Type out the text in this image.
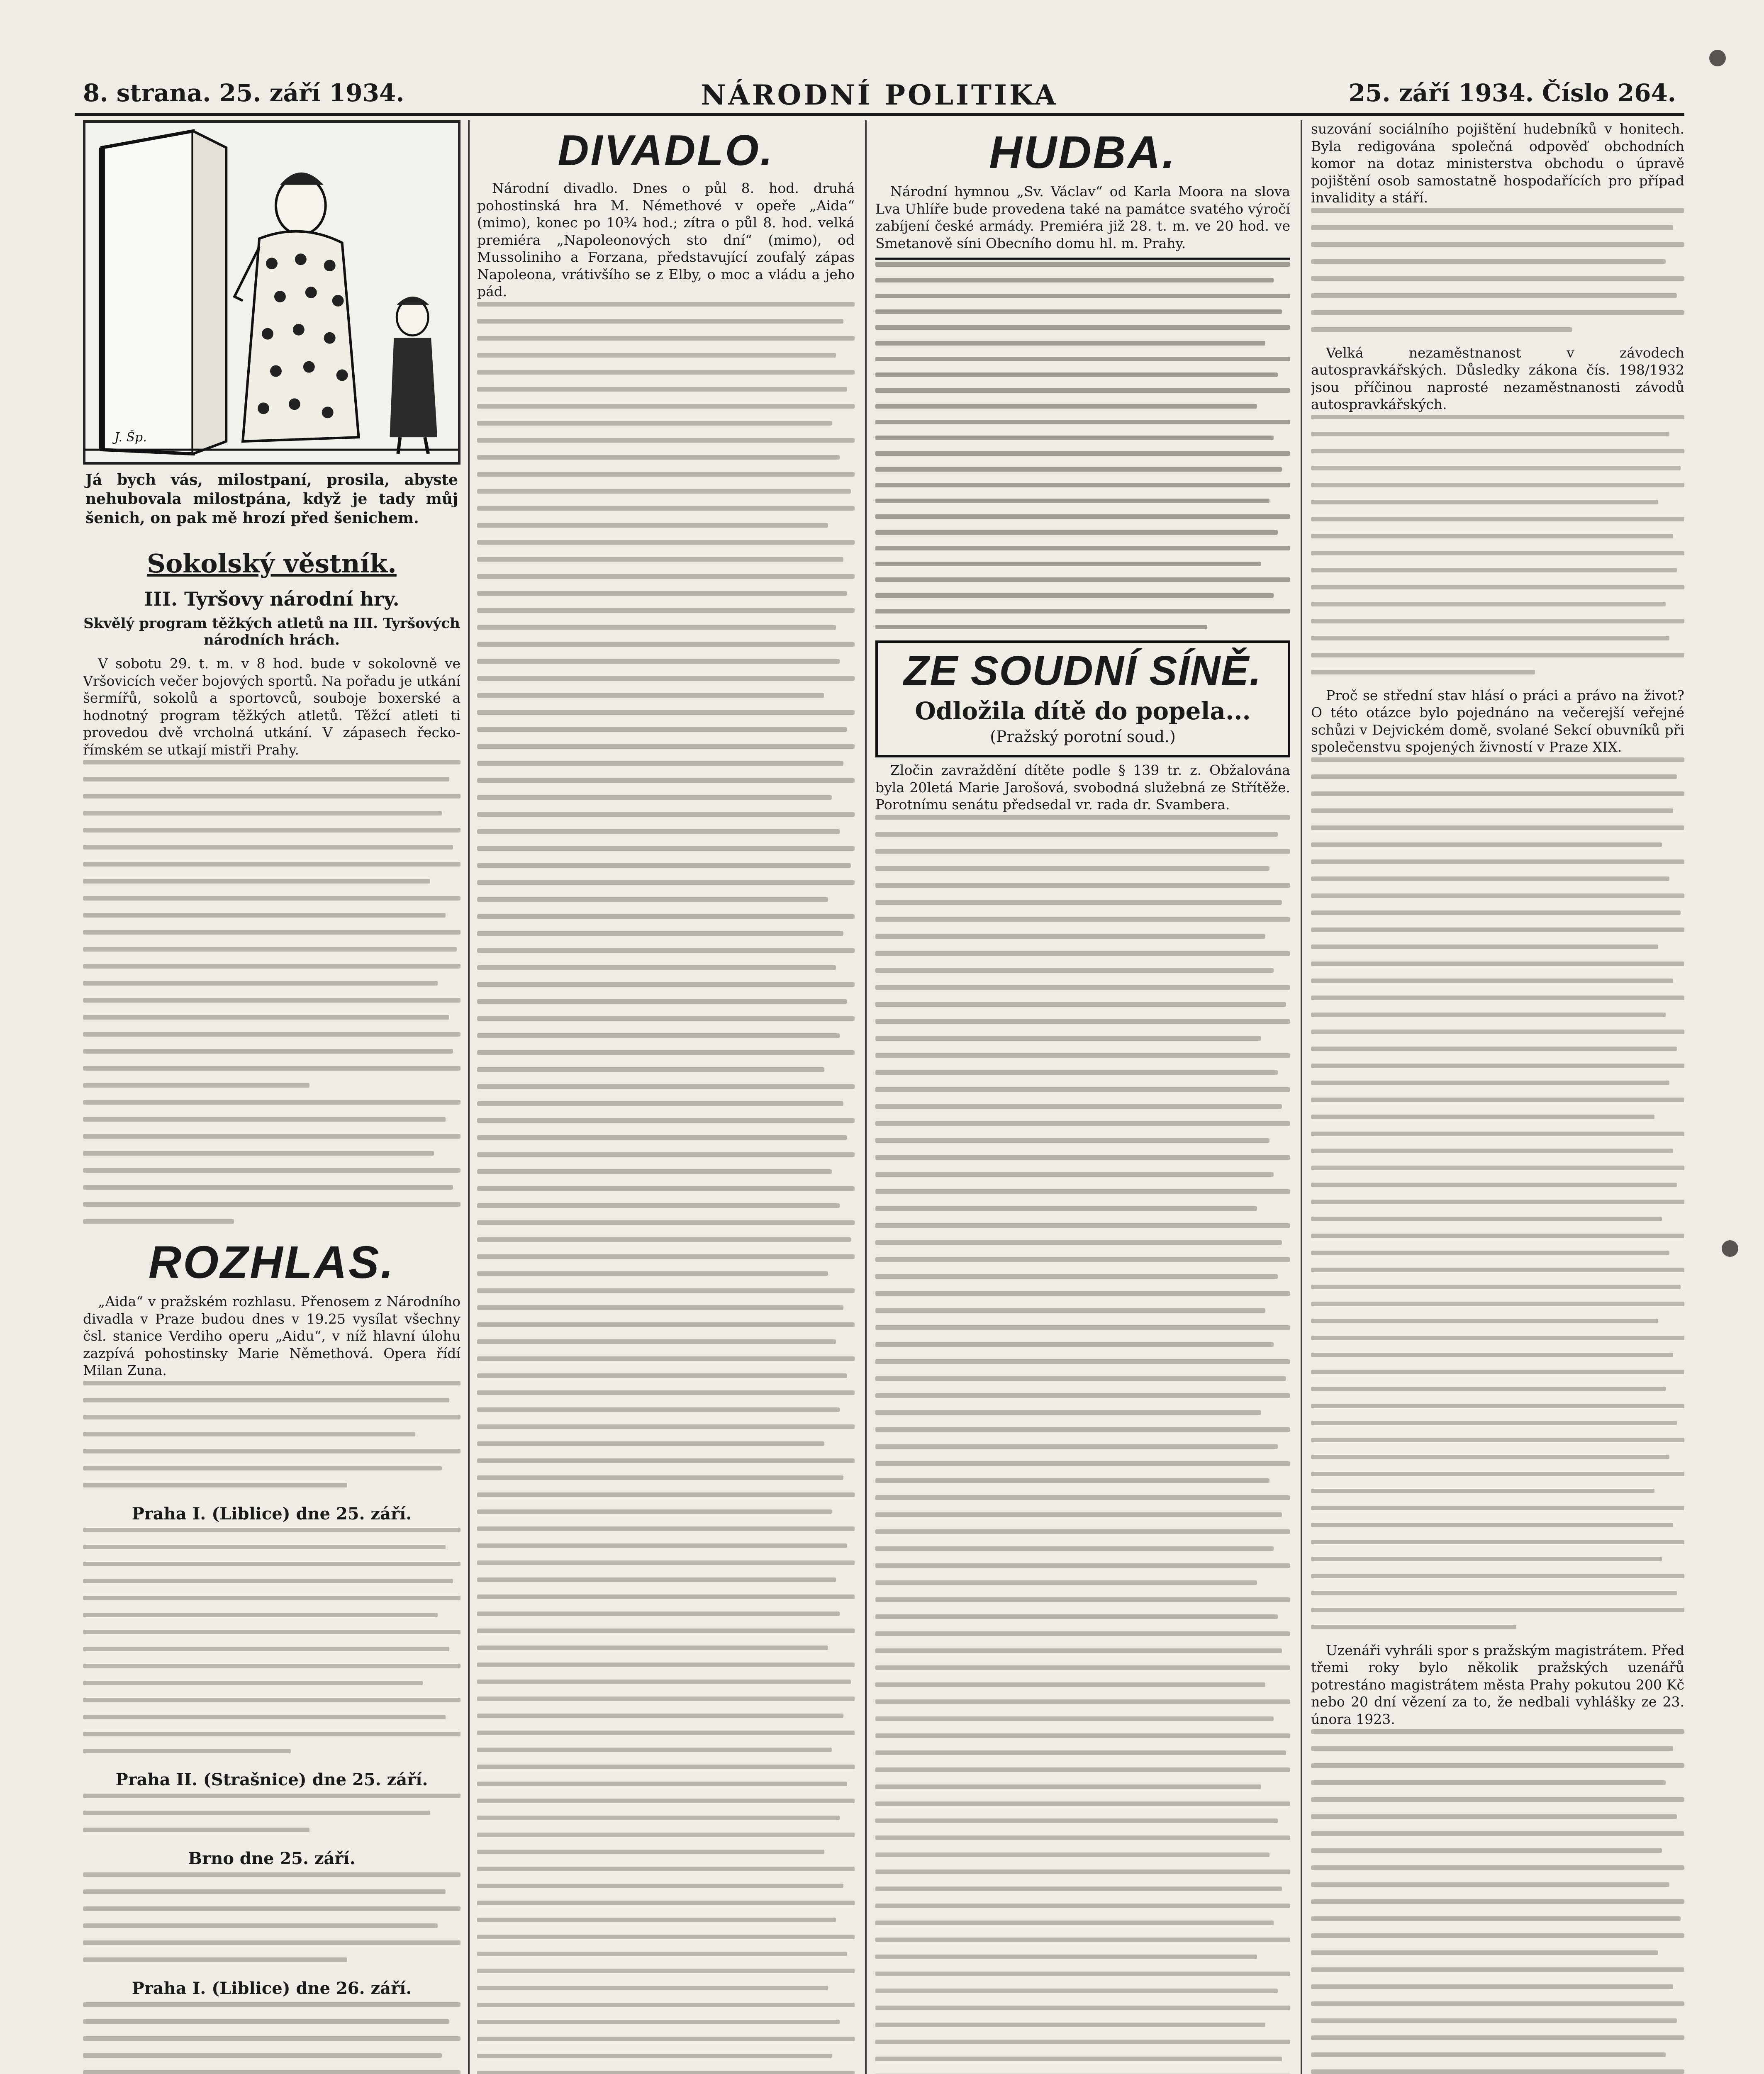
8. strana. 25. září 1934.	NÁRODNÍ POLITIKA	25. září 1934. Číslo 264.
J. Šp.
Já bych vás, milostpaní, prosila, abyste nehubovala milostpána, když je tady můj šenich, on pak mě hrozí před šenichem.
Sokolský věstník.
III. Tyršovy národní hry.
Skvělý program těžkých atletů na III. Tyršových národních hrách.
V sobotu 29. t. m. v 8 hod. bude v sokolovně ve Vršovicích večer bojových sportů. Na pořadu je utkání šermířů, sokolů a sportovců, souboje boxerské a hodnotný program těžkých atletů. Těžcí atleti ti provedou dvě vrcholná utkání. V zápasech řecko-římském se utkají mistři Prahy.
ROZHLAS.
„Aida“ v pražském rozhlasu. Přenosem z Národního divadla v Praze budou dnes v 19.25 vysílat všechny čsl. stanice Verdiho operu „Aidu“, v níž hlavní úlohu zazpívá pohostinsky Marie Němethová. Opera řídí Milan Zuna.
Praha I. (Liblice) dne 25. září.
Praha II. (Strašnice) dne 25. září.
Brno dne 25. září.
Praha I. (Liblice) dne 26. září.
DIVADLO.
Národní divadlo. Dnes o půl 8. hod. druhá pohostinská hra M. Némethové v opeře „Aida“ (mimo), konec po 10¾ hod.; zítra o půl 8. hod. velká premiéra „Napoleonových sto dní“ (mimo), od Mussoliniho a Forzana, představující zoufalý zápas Napoleona, vrátivšího se z Elby, o moc a vládu a jeho pád.
HUDBA.
Národní hymnou „Sv. Václav“ od Karla Moora na slova Lva Uhlíře bude provedena také na památce svatého výročí zabíjení české armády. Premiéra již 28. t. m. ve 20 hod. ve Smetanově síni Obecního domu hl. m. Prahy.
ZE SOUDNÍ SÍNĚ.
Odložila dítě do popela...
(Pražský porotní soud.)
Zločin zavraždění dítěte podle § 139 tr. z. Obžalována byla 20letá Marie Jarošová, svobodná služebná ze Střítěže. Porotnímu senátu předsedal vr. rada dr. Svambera.
suzování sociálního pojištění hudebníků v honitech. Byla redigována společná odpověď obchodních komor na dotaz ministerstva obchodu o úpravě pojištění osob samostatně hospodařících pro případ invalidity a stáří.
Velká nezaměstnanost v závodech autospravkářských. Důsledky zákona čís. 198/1932 jsou příčinou naprosté nezaměstnanosti závodů autospravkářských.
Proč se střední stav hlásí o práci a právo na život? O této otázce bylo pojednáno na večerejší veřejné schůzi v Dejvickém domě, svolané Sekcí obuvníků při společenstvu spojených živností v Praze XIX.
Uzenáři vyhráli spor s pražským magistrátem. Před třemi roky bylo několik pražských uzenářů potrestáno magistrátem města Prahy pokutou 200 Kč nebo 20 dní vězení za to, že nedbali vyhlášky ze 23. února 1923.
